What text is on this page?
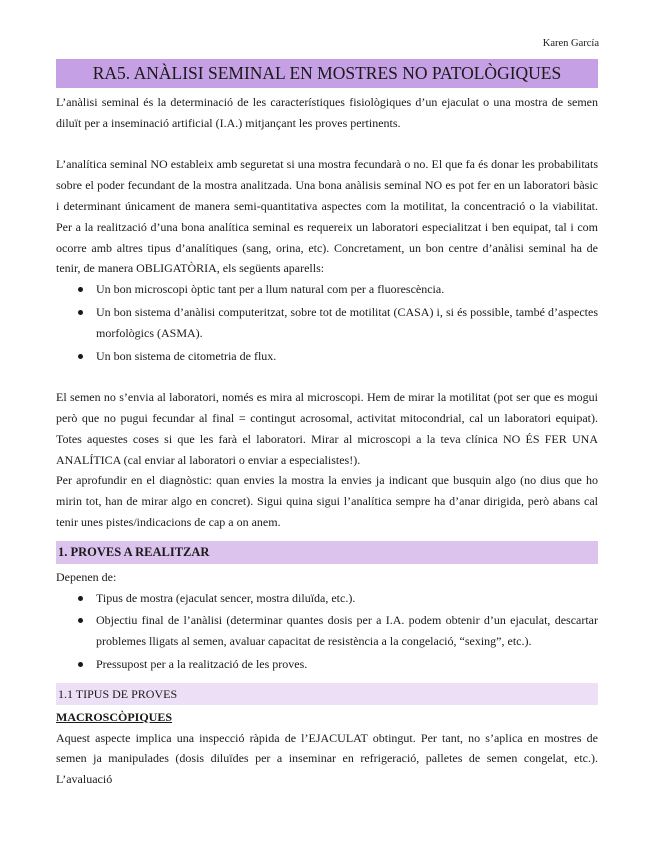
Karen García
RA5. ANÀLISI SEMINAL EN MOSTRES NO PATOLÒGIQUES

L’anàlisi seminal és la determinació de les característiques fisiològiques d’un ejaculat o una mostra de semen diluït per a inseminació artificial (I.A.) mitjançant les proves pertinents.

L’analítica seminal NO estableix amb seguretat si una mostra fecundarà o no. El que fa és donar les probabilitats sobre el poder fecundant de la mostra analitzada. Una bona anàlisis seminal NO es pot fer en un laboratori bàsic i determinant únicament de manera semi-quantitativa aspectes com la motilitat, la concentració o la viabilitat. Per a la realització d’una bona analítica seminal es requereix un laboratori especialitzat i ben equipat, tal i com ocorre amb altres tipus d’analítiques (sang, orina, etc). Concretament, un bon centre d’anàlisi seminal ha de tenir, de manera OBLIGATÒRIA, els següents aparells:

Un bon microscopi òptic tant per a llum natural com per a fluorescència.
Un bon sistema d’anàlisi computeritzat, sobre tot de motilitat (CASA) i, si és possible, també d’aspectes morfològics (ASMA).
Un bon sistema de citometria de flux.

El semen no s’envia al laboratori, només es mira al microscopi. Hem de mirar la motilitat (pot ser que es mogui però que no pugui fecundar al final = contingut acrosomal, activitat mitocondrial, cal un laboratori equipat). Totes aquestes coses si que les farà el laboratori. Mirar al microscopi a la teva clínica NO ÉS FER UNA ANALÍTICA (cal enviar al laboratori o enviar a especialistes!).

Per aprofundir en el diagnòstic: quan envies la mostra la envies ja indicant que busquin algo (no dius que ho mirin tot, han de mirar algo en concret). Sigui quina sigui l’analítica sempre ha d’anar dirigida, però abans cal tenir unes pistes/indicacions de cap a on anem.

1. PROVES A REALITZAR

Depenen de:

Tipus de mostra (ejaculat sencer, mostra diluïda, etc.).
Objectiu final de l’anàlisi (determinar quantes dosis per a I.A. podem obtenir d’un ejaculat, descartar problemes lligats al semen, avaluar capacitat de resistència a la congelació, “sexing”, etc.).
Pressupost per a la realització de les proves.
1.1 TIPUS DE PROVES
MACROSCÒPIQUES

Aquest aspecte implica una inspecció ràpida de l’EJACULAT obtingut. Per tant, no s’aplica en mostres de semen ja manipulades (dosis diluïdes per a inseminar en refrigeració, palletes de semen congelat, etc.). L’avaluació
